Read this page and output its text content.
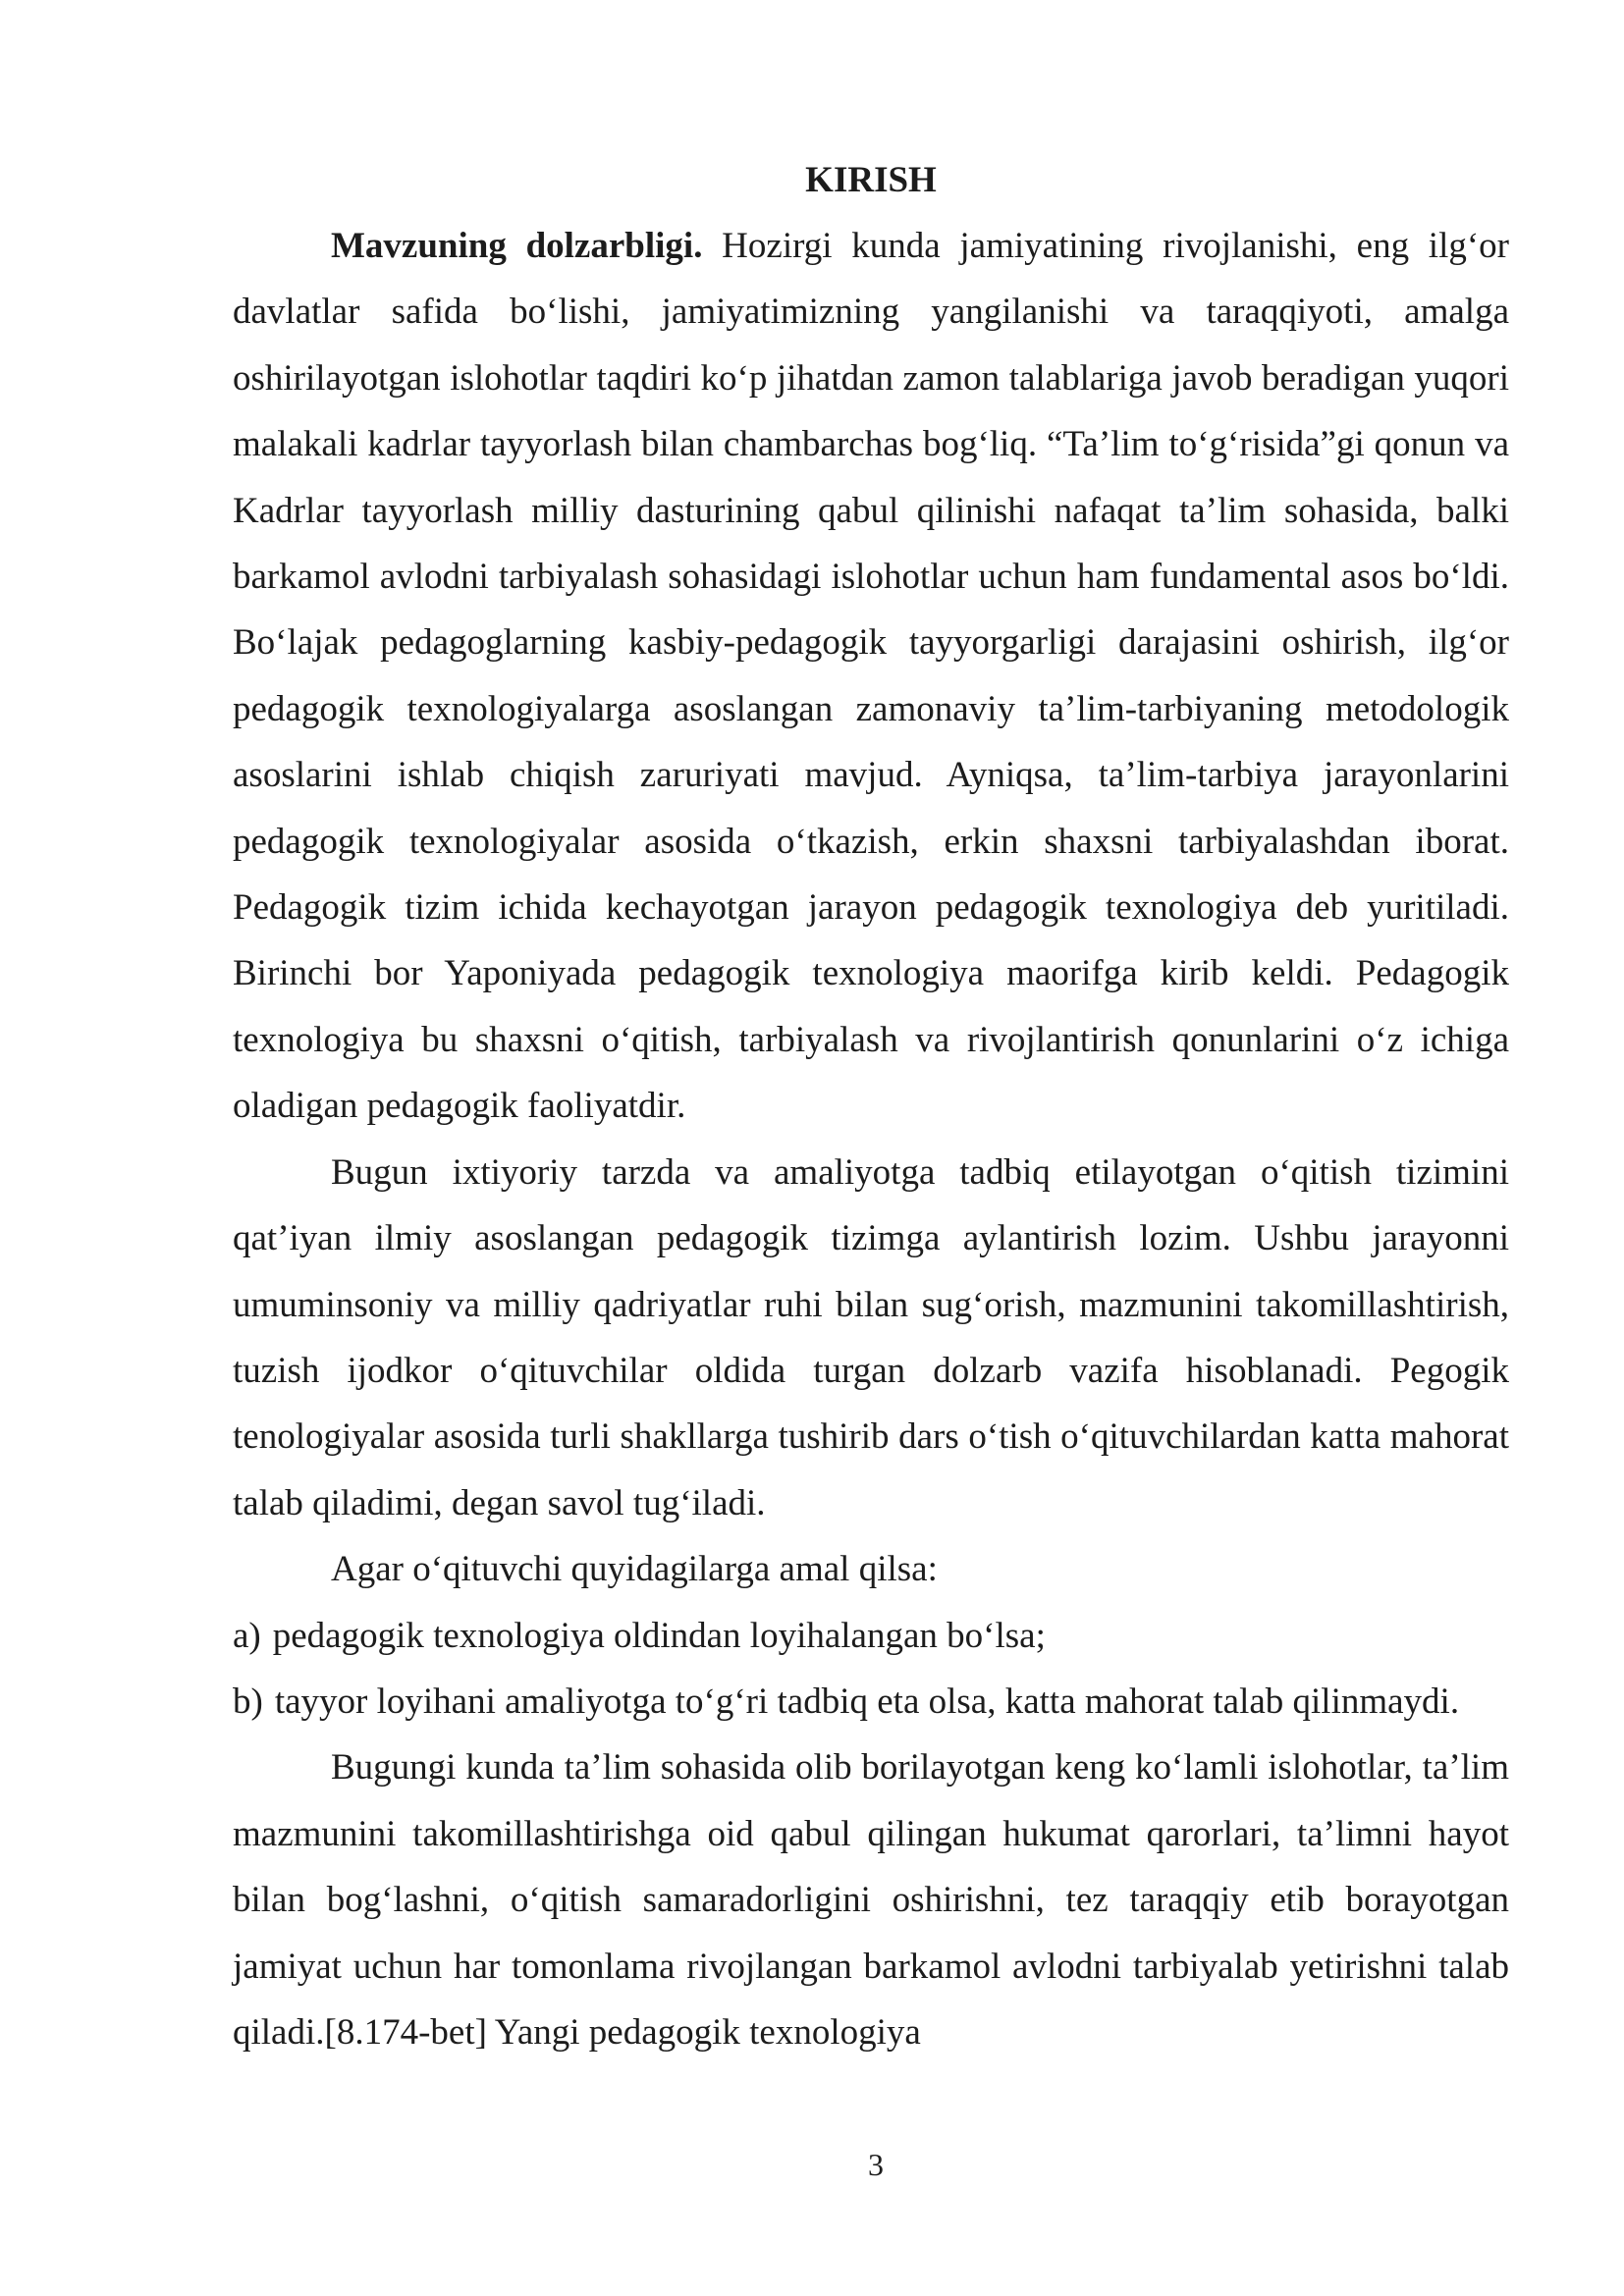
KIRISH

Mavzuning dolzarbligi. Hozirgi kunda jamiyatining rivojlanishi, eng ilg‘or davlatlar safida bo‘lishi, jamiyatimizning yangilanishi va taraqqiyoti, amalga oshirilayotgan islohotlar taqdiri ko‘p jihatdan zamon talablariga javob beradigan yuqori malakali kadrlar tayyorlash bilan chambarchas bog‘liq. “Ta’lim to‘g‘risida”gi qonun va Kadrlar tayyorlash milliy dasturining qabul qilinishi nafaqat ta’lim sohasida, balki barkamol avlodni tarbiyalash sohasidagi islohotlar uchun ham fundamental asos bo‘ldi. Bo‘lajak pedagoglarning kasbiy-pedagogik tayyorgarligi darajasini oshirish, ilg‘or pedagogik texnologiyalarga asoslangan zamonaviy ta’lim-tarbiyaning metodologik asoslarini ishlab chiqish zaruriyati mavjud. Ayniqsa, ta’lim-tarbiya jarayonlarini pedagogik texnologiyalar asosida o‘tkazish, erkin shaxsni tarbiyalashdan iborat. Pedagogik tizim ichida kechayotgan jarayon pedagogik texnologiya deb yuritiladi. Birinchi bor Yaponiyada pedagogik texnologiya maorifga kirib keldi. Pedagogik texnologiya bu shaxsni o‘qitish, tarbiyalash va rivojlantirish qonunlarini o‘z ichiga oladigan pedagogik faoliyatdir.

Bugun ixtiyoriy tarzda va amaliyotga tadbiq etilayotgan o‘qitish tizimini qat’iyan ilmiy asoslangan pedagogik tizimga aylantirish lozim. Ushbu jarayonni umuminsoniy va milliy qadriyatlar ruhi bilan sug‘orish, mazmunini takomillashtirish, tuzish ijodkor o‘qituvchilar oldida turgan dolzarb vazifa hisoblanadi. Pegogik tenologiyalar asosida turli shakllarga tushirib dars o‘tish o‘qituvchilardan katta mahorat talab qiladimi, degan savol tug‘iladi.

Agar o‘qituvchi quyidagilarga amal qilsa:

a) pedagogik texnologiya oldindan loyihalangan bo‘lsa;

b) tayyor loyihani amaliyotga to‘g‘ri tadbiq eta olsa, katta mahorat talab qilinmaydi.

Bugungi kunda ta’lim sohasida olib borilayotgan keng ko‘lamli islohotlar, ta’lim mazmunini takomillashtirishga oid qabul qilingan hukumat qarorlari, ta’limni hayot bilan bog‘lashni, o‘qitish samaradorligini oshirishni, tez taraqqiy etib borayotgan jamiyat uchun har tomonlama rivojlangan barkamol avlodni tarbiyalab yetirishni talab qiladi.[8.174-bet] Yangi pedagogik texnologiya

3
